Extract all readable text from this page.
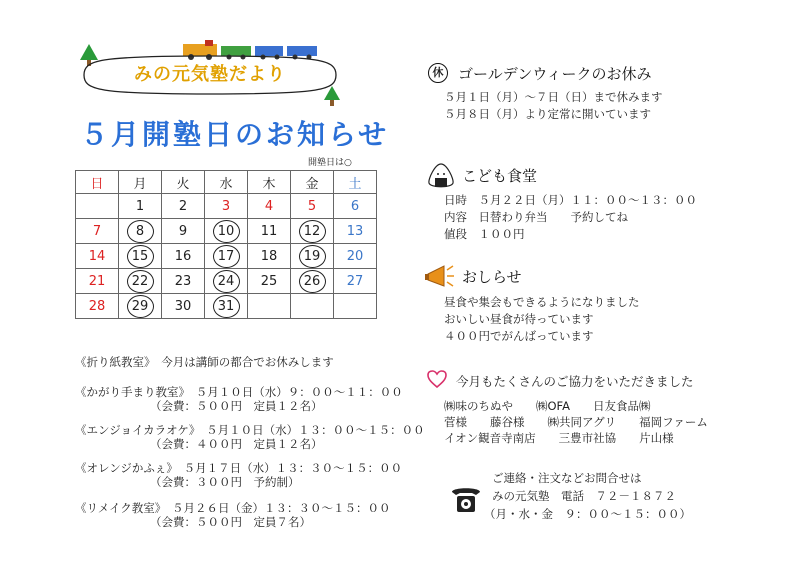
みの元気塾だより
５月開塾日のお知らせ
開塾日は○
日	月	火	水	木	金	土
	1	2	3	4	5	6
7	8	9	10	11	12	13
14	15	16	17	18	19	20
21	22	23	24	25	26	27
28	29	30	31			
《折り紙教室》　今月は講師の都合でお休みします
《かがり手まり教室》　５月１０日（水）９：００～１１：００
（会費：５００円　定員１２名）
《エンジョイカラオケ》　５月１０日（水）１３：００～１５：００
（会費：４００円　定員１２名）
《オレンジかふぇ》　５月１７日（水）１３：３０～１５：００
（会費：３００円　予約制）
《リメイク教室》　５月２６日（金）１３：３０～１５：００
（会費：５００円　定員７名）
休 ゴールデンウィークのお休み
５月１日（月）～７日（日）まで休みます
５月８日（月）より定常に開いています
こども食堂
日時　５月２２日（月）１１：００～１３：００
内容　日替わり弁当　　予約してね
値段　１００円
おしらせ
昼食や集会もできるようになりました
おいしい昼食が待っています
４００円でがんばっています
今月もたくさんのご協力をいただきました
㈱味のちぬや　　㈱OFA　　日友食品㈱
菅様　　藤谷様　　㈱共同アグリ　　福岡ファーム
イオン観音寺南店　　三豊市社協　　片山様
ご連絡・注文などお問合せは
みの元気塾　電話　７２－１８７２
（月・水・金　９：００～１５：００）
